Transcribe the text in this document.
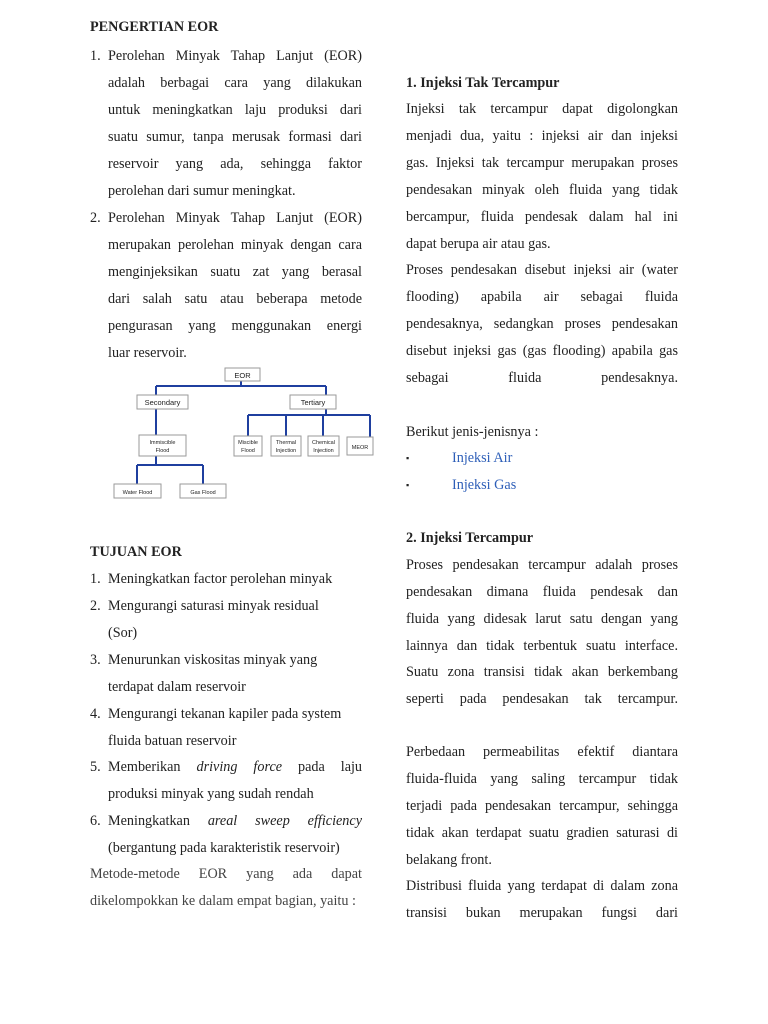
PENGERTIAN EOR
1. Perolehan Minyak Tahap Lanjut (EOR)
adalah berbagai cara yang dilakukan
untuk meningkatkan laju produksi dari
suatu sumur, tanpa merusak formasi dari
reservoir yang ada, sehingga faktor
perolehan dari sumur meningkat.
2. Perolehan Minyak Tahap Lanjut (EOR)
merupakan perolehan minyak dengan cara
menginjeksikan suatu zat yang berasal
dari salah satu atau beberapa metode
pengurasan yang menggunakan energi
luar reservoir.
TUJUAN EOR
1. Meningkatkan factor perolehan minyak
2. Mengurangi saturasi minyak residual
(Sor)
3. Menurunkan viskositas minyak yang
terdapat dalam reservoir
4. Mengurangi tekanan kapiler pada system
fluida batuan reservoir
5. Memberikan driving force pada laju
produksi minyak yang sudah rendah
6. Meningkatkan areal sweep efficiency
(bergantung pada karakteristik reservoir)
Metode-metode EOR yang ada dapat
dikelompokkan ke dalam empat bagian, yaitu :
EOR
Secondary	Tertiary
Immiscible
Flood
Water Flood	Gas Flood
Miscible
Flood
Thermal
Injection
Chemical
Injection	MEOR
1. Injeksi Tak Tercampur
Injeksi tak tercampur dapat digolongkan
menjadi dua, yaitu : injeksi air dan injeksi
gas. Injeksi tak tercampur merupakan proses
pendesakan minyak oleh fluida yang tidak
bercampur, fluida pendesak dalam hal ini
dapat berupa air atau gas.
Proses pendesakan disebut injeksi air (water
flooding) apabila air sebagai fluida
pendesaknya, sedangkan proses pendesakan
disebut injeksi gas (gas flooding) apabila gas
sebagai fluida pendesaknya.
Berikut jenis-jenisnya :
▪	Injeksi Air
▪	Injeksi Gas
2. Injeksi Tercampur
Proses pendesakan tercampur adalah proses
pendesakan dimana fluida pendesak dan
fluida yang didesak larut satu dengan yang
lainnya dan tidak terbentuk suatu interface.
Suatu zona transisi tidak akan berkembang
seperti pada pendesakan tak tercampur.
Perbedaan permeabilitas efektif diantara
fluida-fluida yang saling tercampur tidak
terjadi pada pendesakan tercampur, sehingga
tidak akan terdapat suatu gradien saturasi di
belakang front.
Distribusi fluida yang terdapat di dalam zona
transisi bukan merupakan fungsi dari
